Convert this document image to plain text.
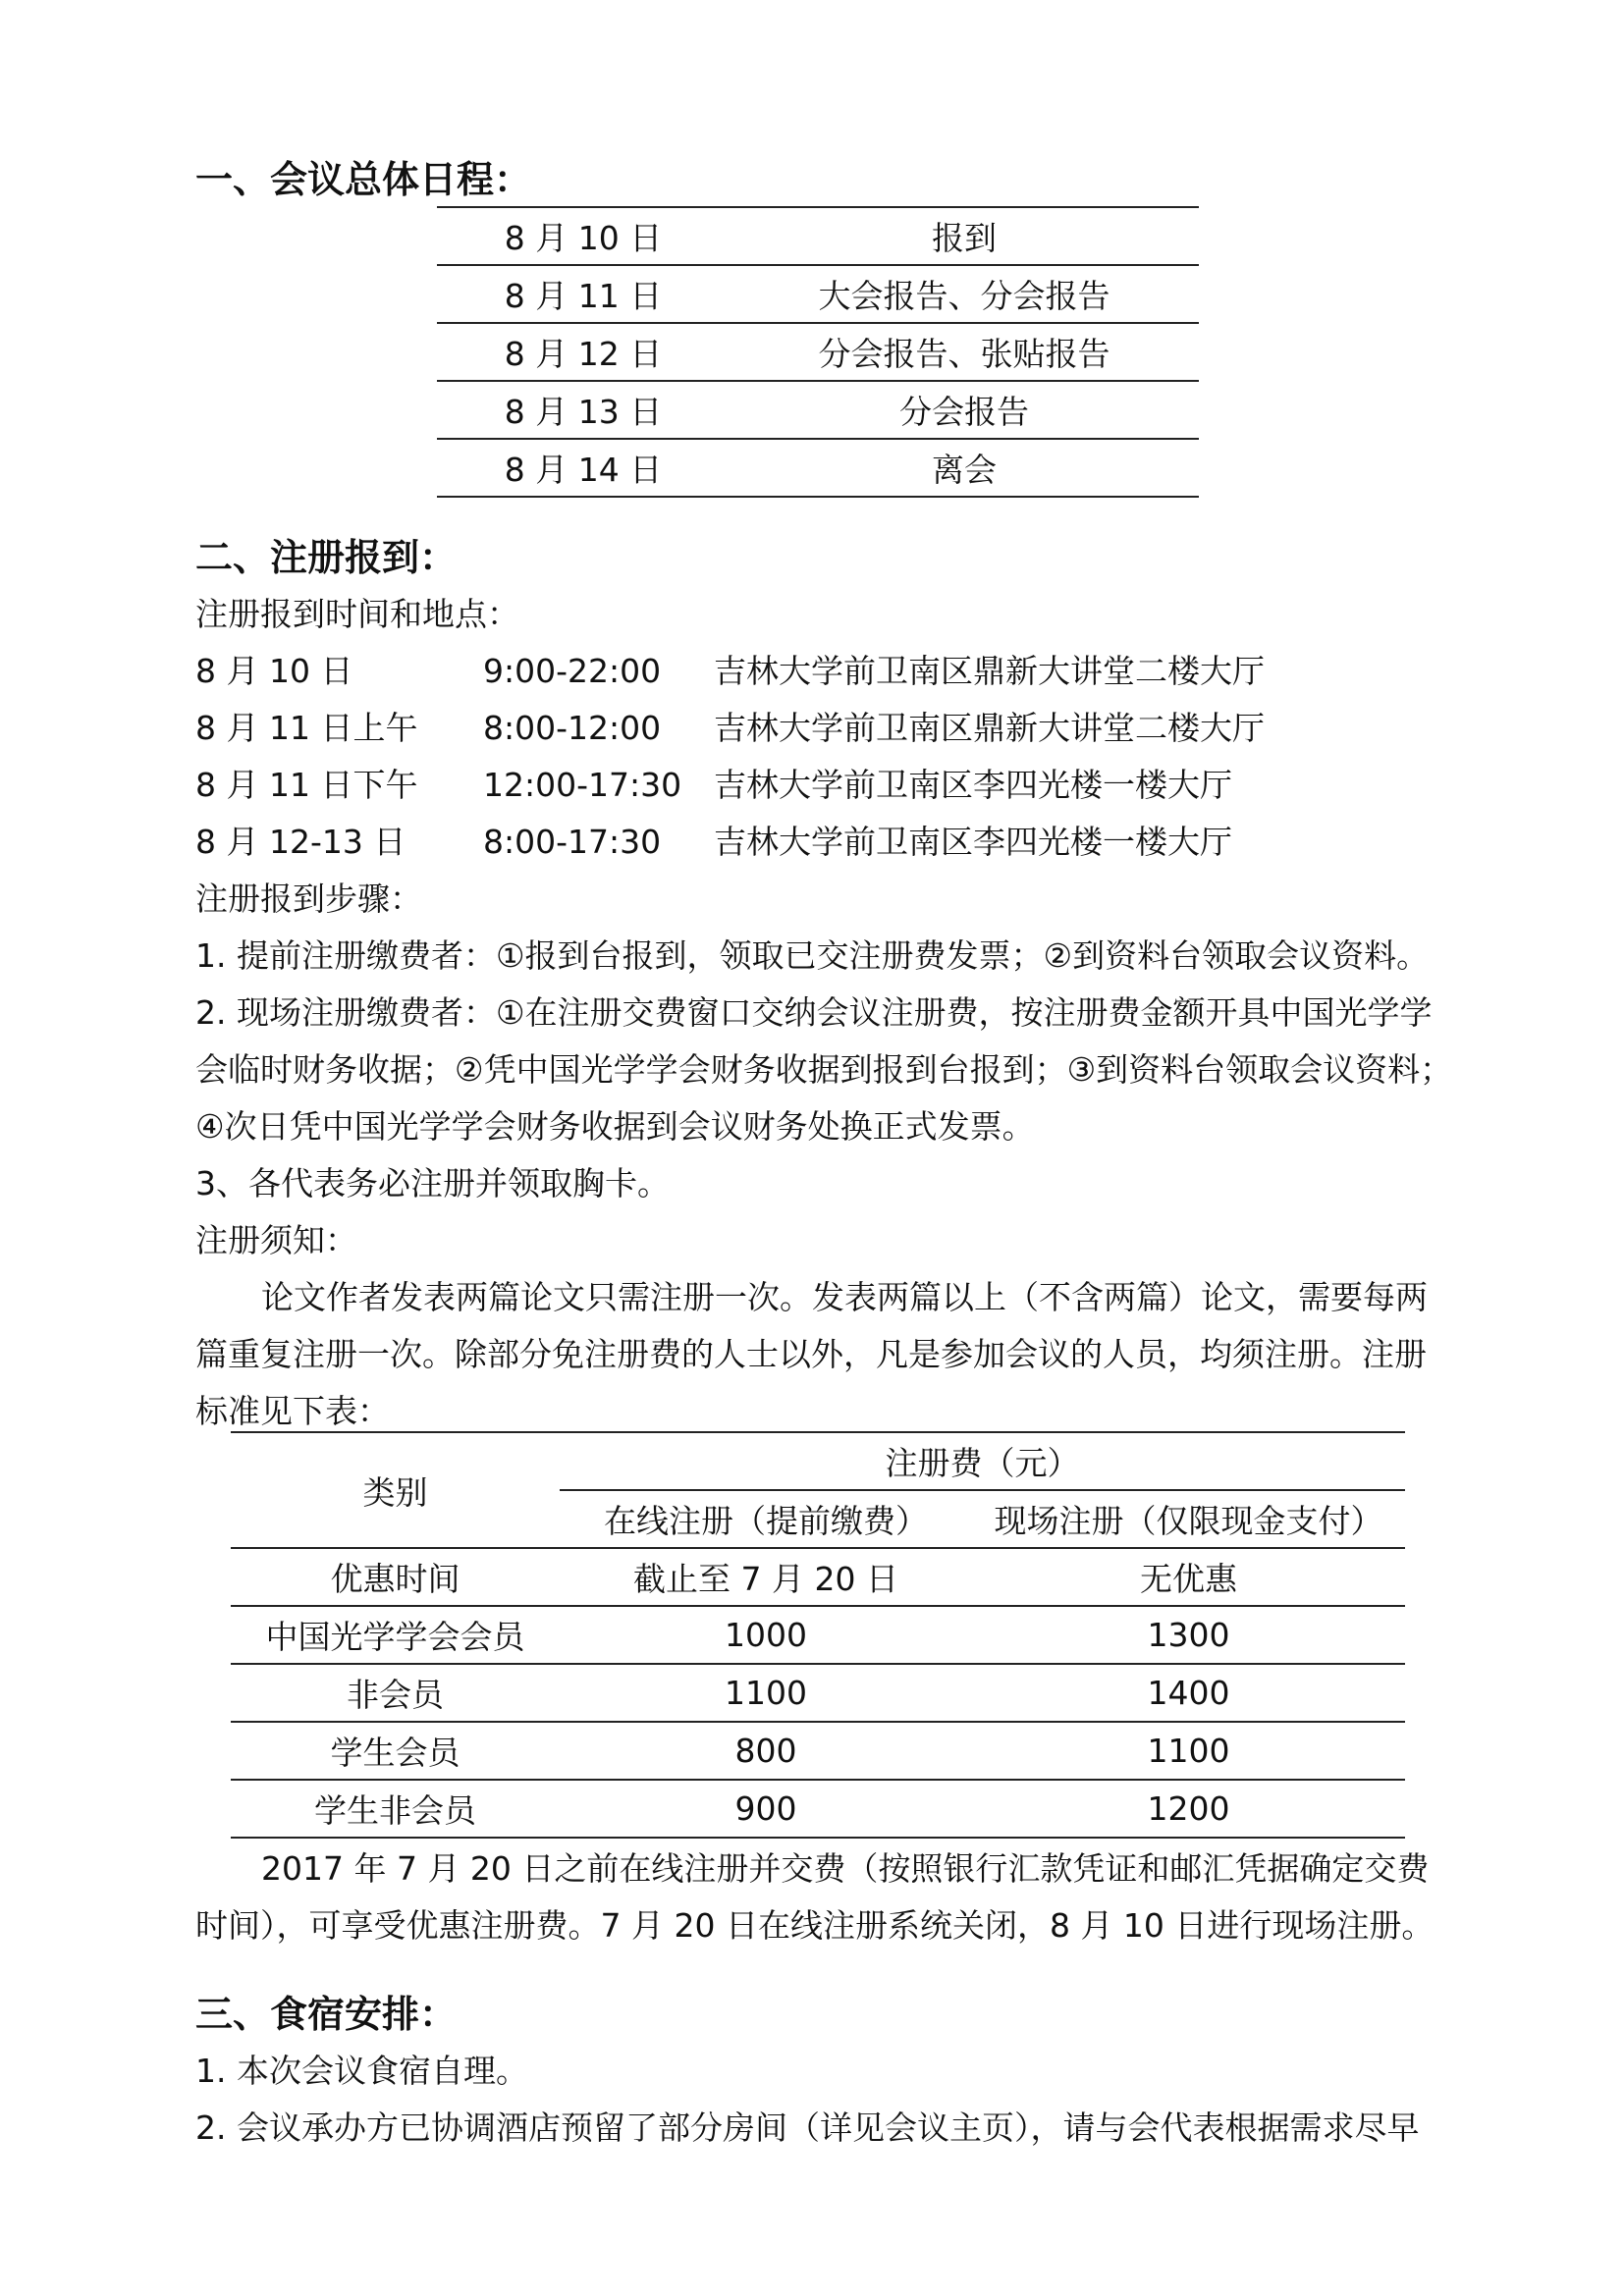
一、会议总体日程：
8 月 10 日	报到
8 月 11 日	大会报告、分会报告
8 月 12 日	分会报告、张贴报告
8 月 13 日	分会报告
8 月 14 日	离会
二、注册报到：
注册报到时间和地点：
8 月 10 日	9:00-22:00 吉林大学前卫南区鼎新大讲堂二楼大厅
8 月 11 日上午 8:00-12:00 吉林大学前卫南区鼎新大讲堂二楼大厅
8 月 11 日下午 12:00-17:30 吉林大学前卫南区李四光楼一楼大厅
8 月 12-13 日 8:00-17:30 吉林大学前卫南区李四光楼一楼大厅
注册报到步骤：
1. 提前注册缴费者：①报到台报到，领取已交注册费发票；②到资料台领取会议资料。
2. 现场注册缴费者：①在注册交费窗口交纳会议注册费，按注册费金额开具中国光学学
会临时财务收据；②凭中国光学学会财务收据到报到台报到；③到资料台领取会议资料；
④次日凭中国光学学会财务收据到会议财务处换正式发票。
3、各代表务必注册并领取胸卡。
注册须知：
论文作者发表两篇论文只需注册一次。发表两篇以上（不含两篇）论文，需要每两
篇重复注册一次。除部分免注册费的人士以外，凡是参加会议的人员，均须注册。注册
标准见下表：
类别	注册费（元）	
	在线注册（提前缴费）	现场注册（仅限现金支付）
优惠时间	截止至 7 月 20 日	无优惠
中国光学学会会员	1000	1300
非会员	1100	1400
学生会员	800	1100
学生非会员	900	1200
2017 年 7 月 20 日之前在线注册并交费（按照银行汇款凭证和邮汇凭据确定交费
时间），可享受优惠注册费。7 月 20 日在线注册系统关闭，8 月 10 日进行现场注册。
三、食宿安排：
1. 本次会议食宿自理。
2. 会议承办方已协调酒店预留了部分房间（详见会议主页），请与会代表根据需求尽早
